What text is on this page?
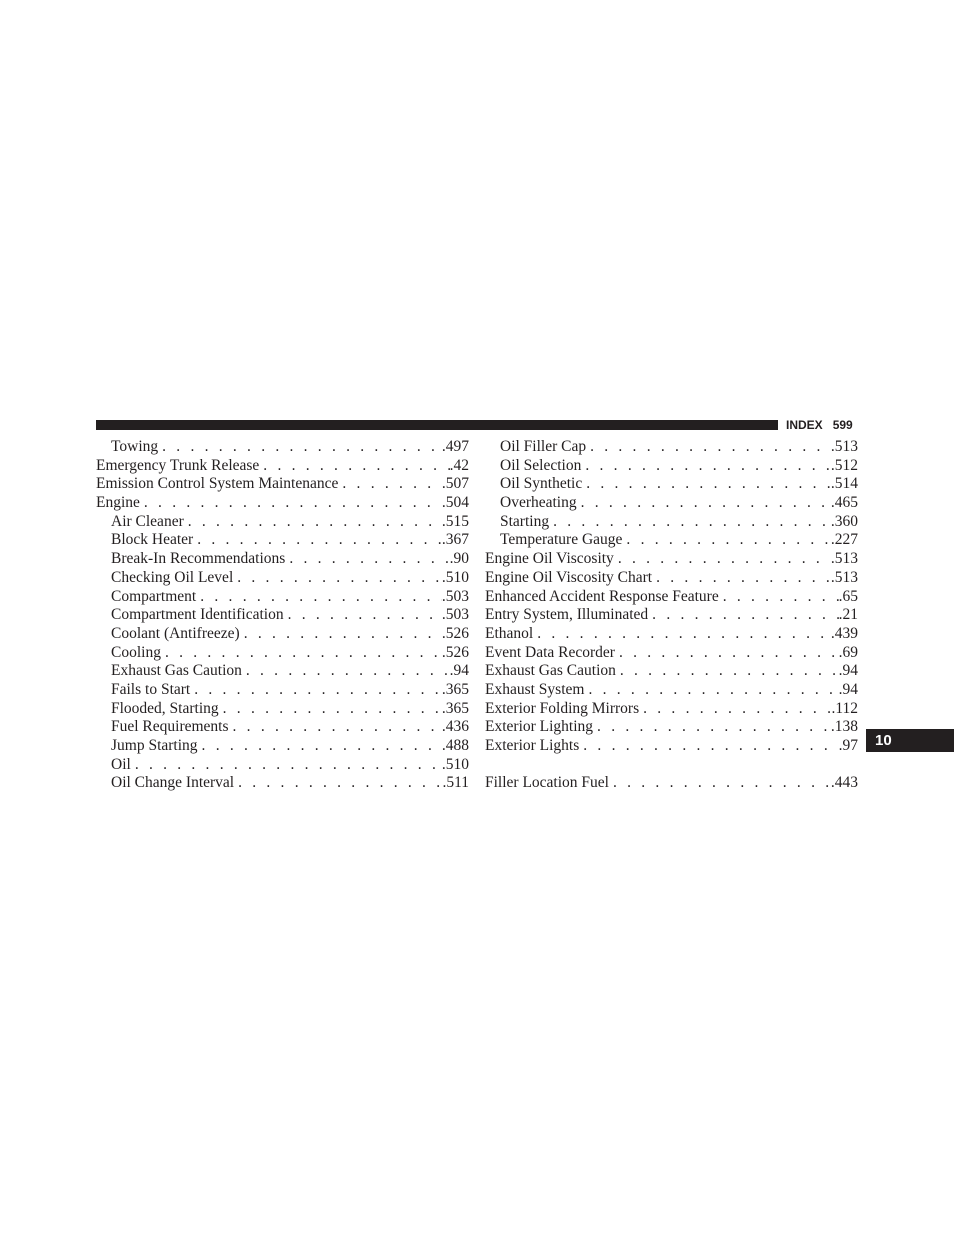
INDEX 599
Towing . . .	.497
Emergency Trunk Release . . .	.42
Emission Control System Maintenance . . .	.507
Engine . . .	.504
Air Cleaner . . .	.515
Block Heater . . .	.367
Break-In Recommendations . . .	.90
Checking Oil Level . . .	.510
Compartment . . .	.503
Compartment Identification . . .	.503
Coolant (Antifreeze) . . .	.526
Cooling . . .	.526
Exhaust Gas Caution . . .	.94
Fails to Start . . .	.365
Flooded, Starting . . .	.365
Fuel Requirements . . .	.436
Jump Starting . . .	.488
Oil . . .	.510
Oil Change Interval . . .	.511
Oil Filler Cap . . .	.513
Oil Selection . . .	.512
Oil Synthetic . . .	.514
Overheating . . .	.465
Starting . . .	.360
Temperature Gauge . . .	.227
Engine Oil Viscosity . . .	.513
Engine Oil Viscosity Chart . . .	.513
Enhanced Accident Response Feature . . .	.65
Entry System, Illuminated . . .	.21
Ethanol . . .	.439
Event Data Recorder . . .	.69
Exhaust Gas Caution . . .	.94
Exhaust System . . .	.94
Exterior Folding Mirrors . . .	.112
Exterior Lighting . . .	.138
Exterior Lights . . .	.97
Filler Location Fuel . . .	.443
10
